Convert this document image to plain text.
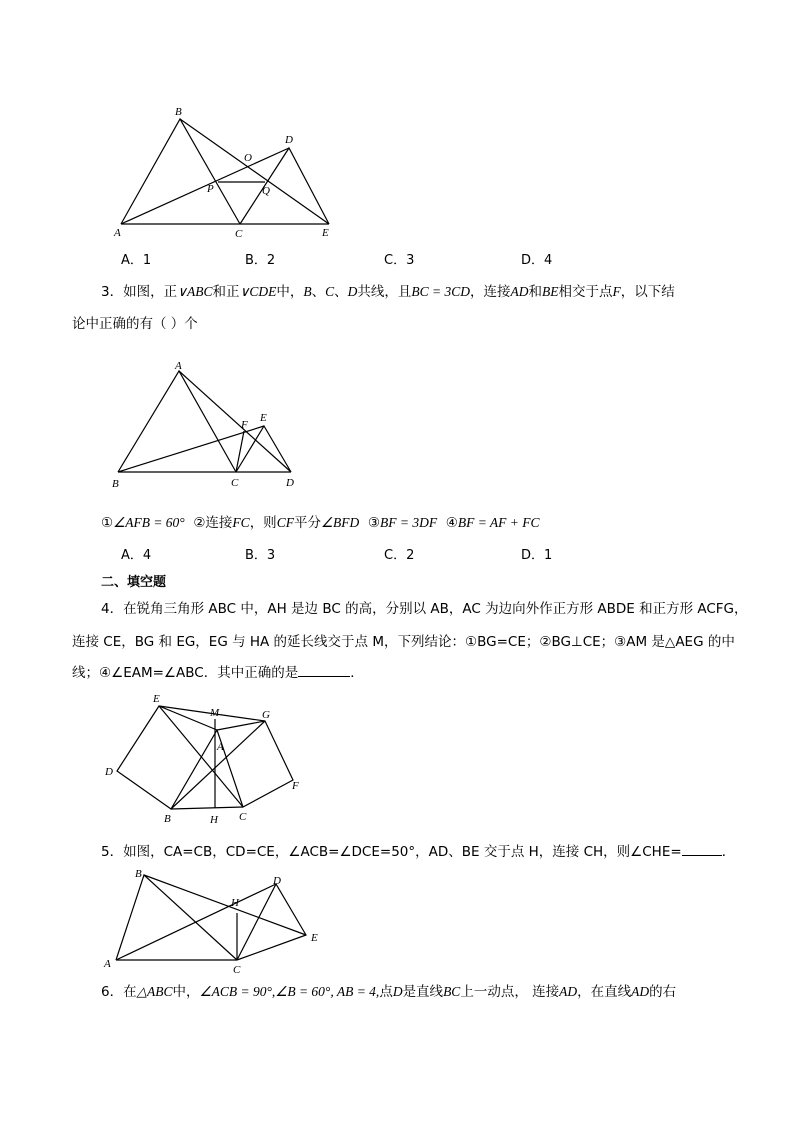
B
D
O
P	Q
A	C	E
A．1	B．2	C．3	D．4
3．如图，正∨ABC和正∨CDE中，B、C、D共线，且BC = 3CD，连接AD和BE相交于点F，以下结
论中正确的有（ ）个
A
E
F
B	C	D
①∠AFB = 60° ②连接FC，则CF平分∠BFD ③BF = 3DF ④BF = AF + FC
A．4	B．3	C．2	D．1
二、填空题
4．在锐角三角形 ABC 中，AH 是边 BC 的高，分别以 AB，AC 为边向外作正方形 ABDE 和正方形 ACFG，
连接 CE，BG 和 EG，EG 与 HA 的延长线交于点 M，下列结论：①BG=CE；②BG⊥CE；③AM 是△AEG 的中
线；④∠EAM=∠ABC．其中正确的是	．
E
M	G
A
D
F
B	H C
5．如图，CA=CB，CD=CE，∠ACB=∠DCE=50°，AD、BE 交于点 H，连接 CH，则∠CHE=	．
B
H
D
E
A	C
6．在△ABC中，∠ACB = 90°,∠B = 60°, AB = 4,点D是直线BC上一动点， 连接AD，在直线AD的右
